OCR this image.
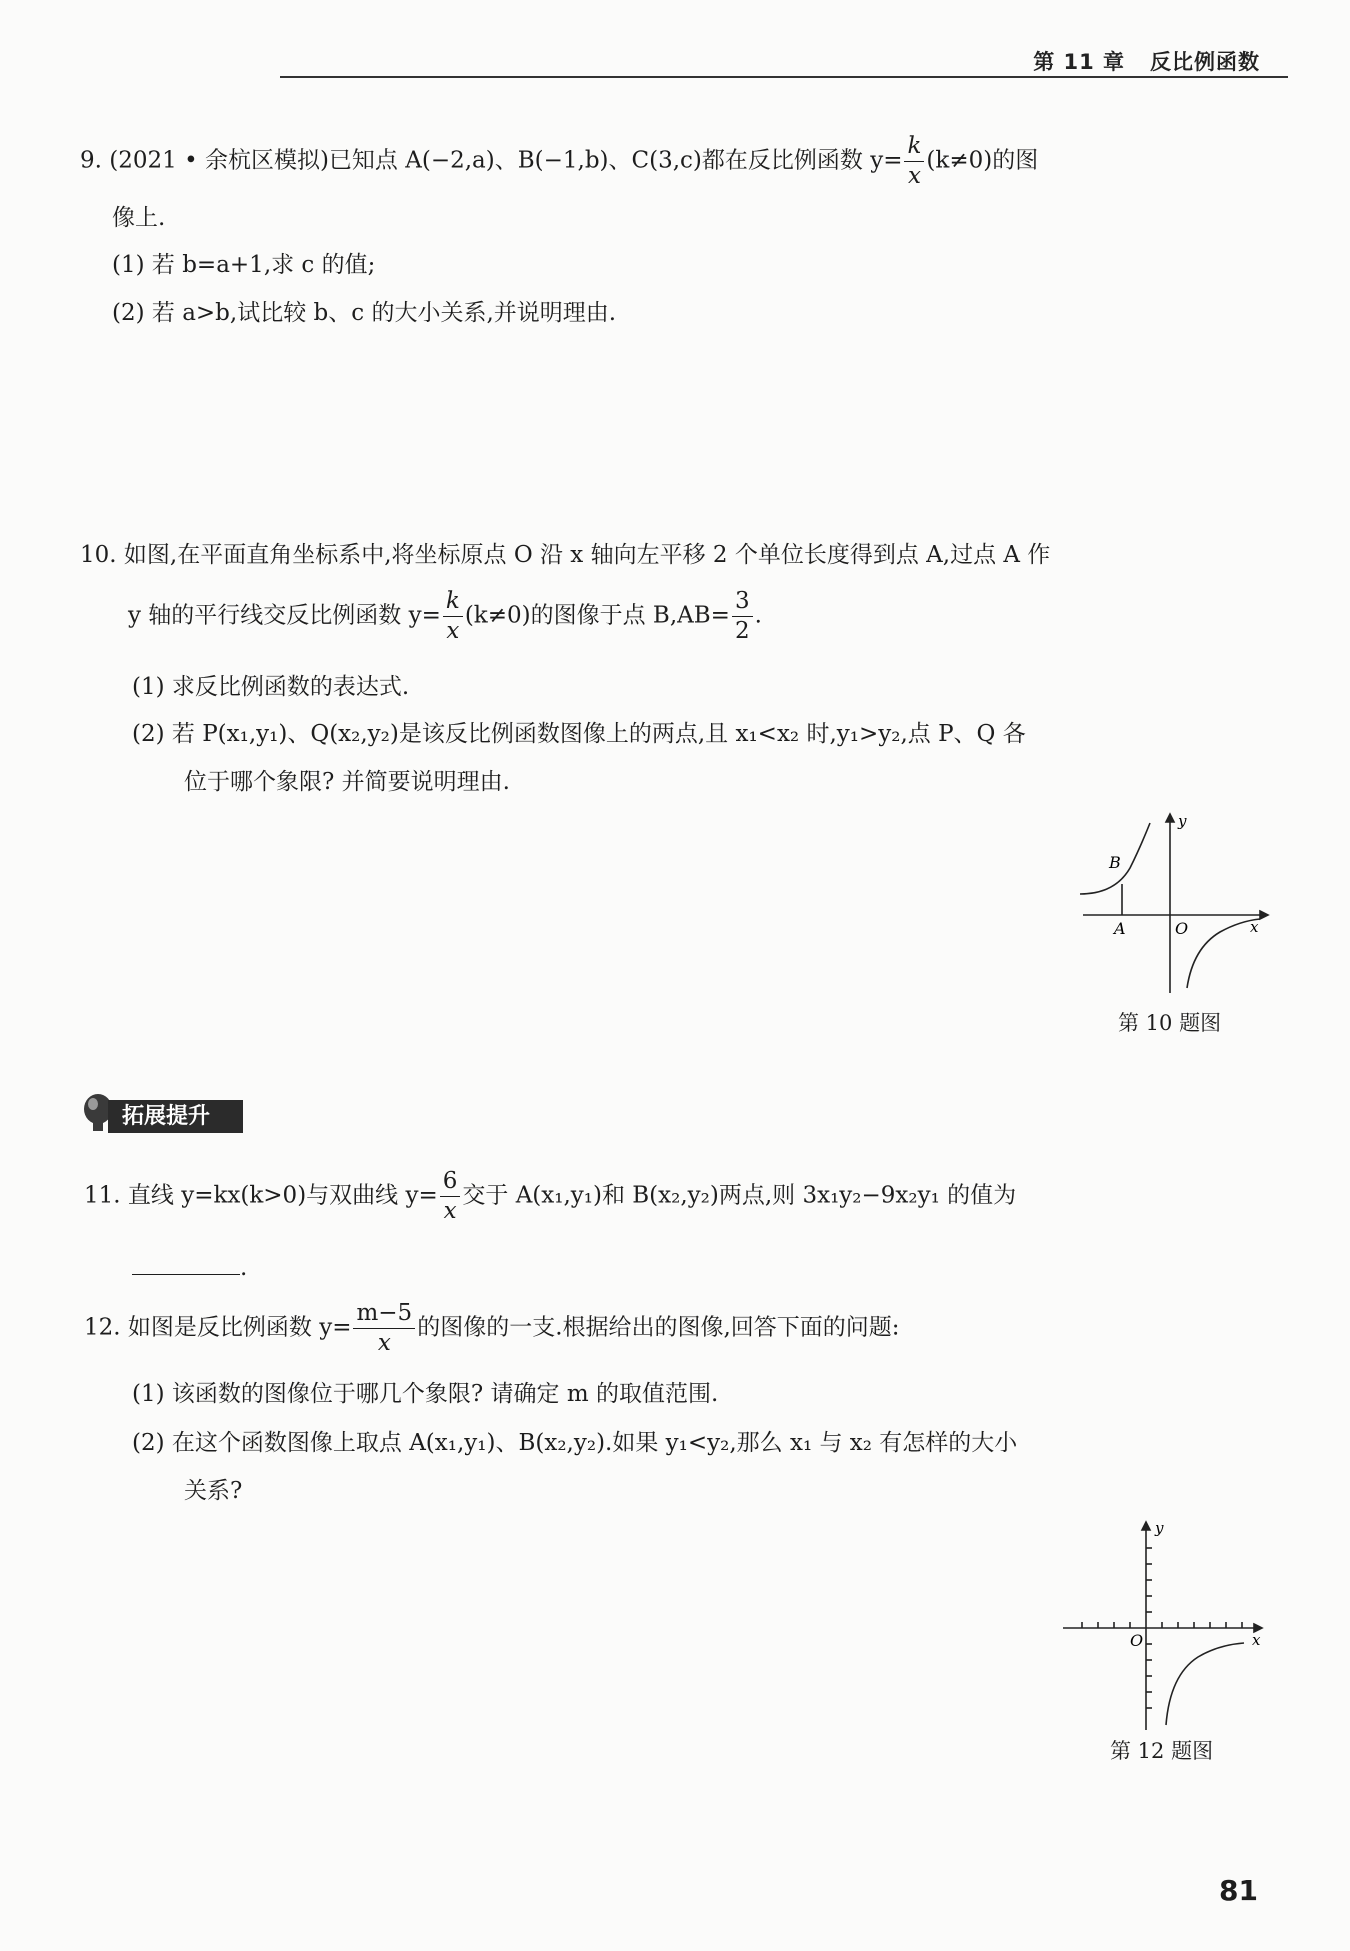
第 11 章 反比例函数
9. (2021 • 余杭区模拟)已知点 A(−2,a)、B(−1,b)、C(3,c)都在反比例函数 $y= \frac{k}{x} (k\ne 0)$的图
像上.
(1) 若 b=a+1,求 c 的值;
(2) 若 a>b,试比较 b、c 的大小关系,并说明理由.
10. 如图,在平面直角坐标系中,将坐标原点 O 沿 x 轴向左平移 2 个单位长度得到点 A,过点 A 作
y 轴的平行线交反比例函数 $y= \frac{k}{x} (k\ne 0)$的图像于点 $B,AB= \frac{3}{2}$ .
(1) 求反比例函数的表达式.
(2) 若 P(x₁,y₁)、Q(x₂,y₂)是该反比例函数图像上的两点,且 x₁<x₂ 时,y₁>y₂,点 P、Q 各
位于哪个象限? 并简要说明理由.
y
x
O
A
B
第 10 题图
拓展提升
11. 直线 y=kx(k>0)与双曲线 $y= \frac{6}{x}$ 交于 A(x₁,y₁)和 B(x₂,y₂)两点,则 3x₁y₂−9x₂y₁ 的值为
.
12. 如图是反比例函数 $y= \frac{m-5}{x}$ 的图像的一支.根据给出的图像,回答下面的问题:
(1) 该函数的图像位于哪几个象限? 请确定 m 的取值范围.
(2) 在这个函数图像上取点 A(x₁,y₁)、B(x₂,y₂).如果 y₁<y₂,那么 x₁ 与 x₂ 有怎样的大小
关系?
y
x
O
第 12 题图
81
